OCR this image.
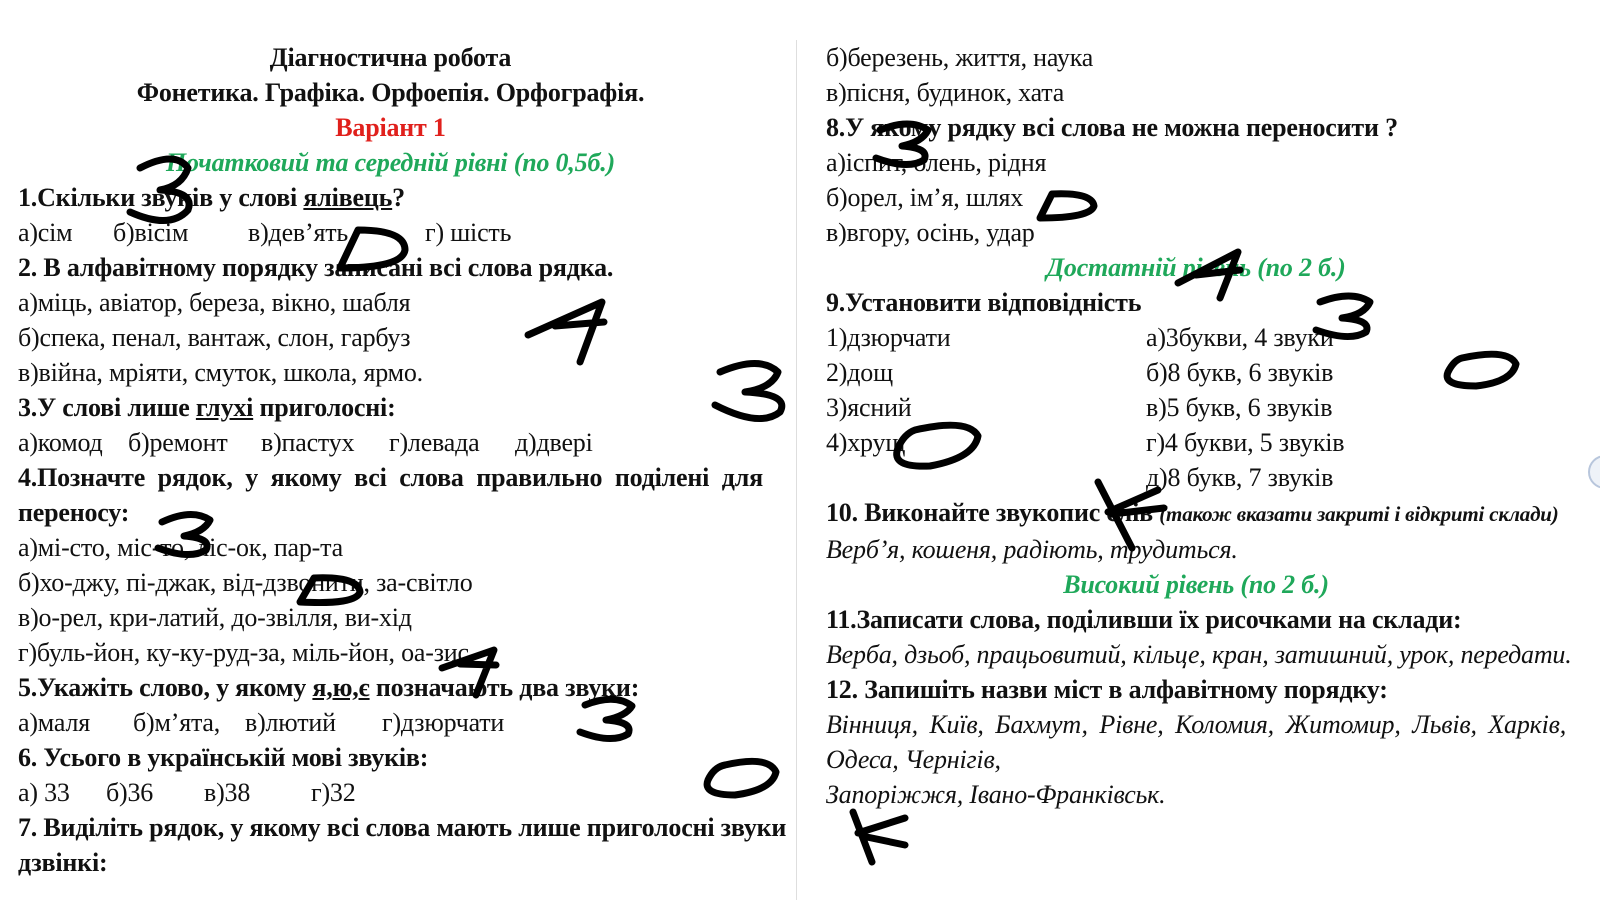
Діагностична робота
Фонетика. Графіка. Орфоепія. Орфографія.
Варіант 1
Початковий та середній рівні (по 0,5б.)
1.Скільки звуків у слові ялівець?
а)сім б)вісім в)дев’ять	г) шість
2. В алфавітному порядку записані всі слова рядка.
а)міць, авіатор, береза, вікно, шабля
б)спека, пенал, вантаж, слон, гарбуз
в)війна, мріяти, смуток, школа, ярмо.
3.У слові лише глухі приголосні:
а)комод б)ремонт в)пастух г)левада д)двері
4.Позначте рядок, у якому всі слова правильно поділені для
переносу:
а)мі-сто, міс-то, ліс-ок, пар-та
б)хо-джу, пі-джак, від-дзвонити, за-світло
в)о-рел, кри-латий, до-звілля, ви-хід
г)буль-йон, ку-ку-руд-за, міль-йон, оа-зис
5.Укажіть слово, у якому я,ю,є позначають два звуки:
а)маля б)м’ята, в)лютий г)дзюрчати
6. Усього в українській мові звуків:
а) 33 б)36 в)38 г)32
7. Виділіть рядок, у якому всі слова мають лише приголосні звуки
дзвінкі:
б)березень, життя, наука
в)пісня, будинок, хата
8.У якому рядку всі слова не можна переносити ?
а)іспит, олень, рідня
б)орел, ім’я, шлях
в)вгору, осінь, удар
Достатній рівень (по 2 б.)
9.Установити відповідність
1)дзюрчати	а)3букви, 4 звуки
2)дощ	б)8 букв, 6 звуків
3)ясний	в)5 букв, 6 звуків
4)хрущ	г)4 букви, 5 звуків
д)8 букв, 7 звуків
10. Виконайте звукопис слів (також вказати закриті і відкриті склади)
Верб’я, кошеня, радіють, трудиться.
Високий рівень (по 2 б.)
11.Записати слова, поділивши їх рисочками на склади:
Верба, дзьоб, працьовитий, кільце, кран, затишний, урок, передати.
12. Запишіть назви міст в алфавітному порядку:
Вінниця, Київ, Бахмут, Рівне, Коломия, Житомир, Львів, Харків,
Одеса, Чернігів,
Запоріжжя, Івано-Франківськ.
